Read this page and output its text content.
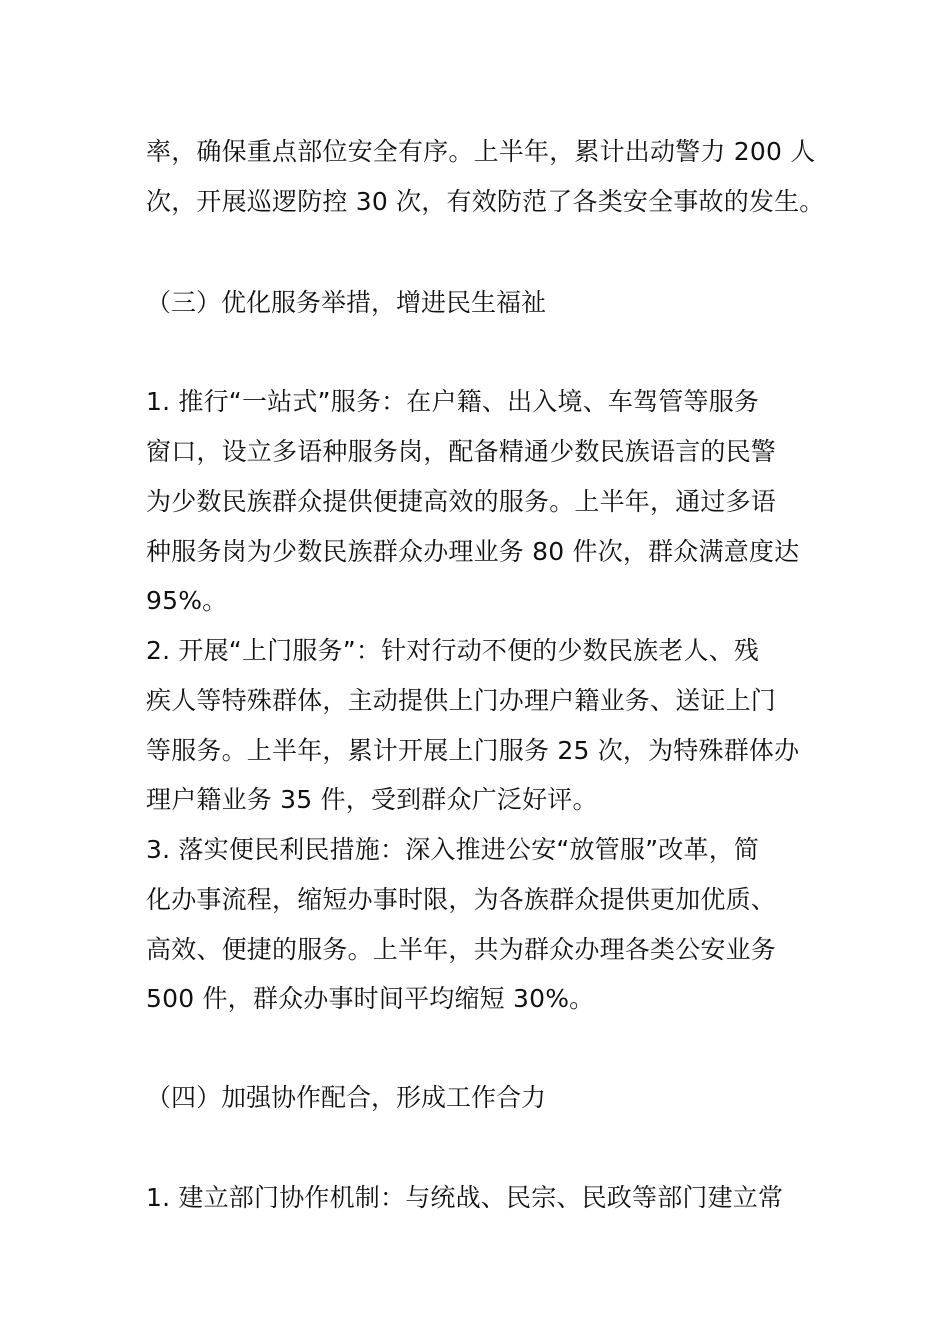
率，确保重点部位安全有序。上半年，累计出动警力 200 人
次，开展巡逻防控 30 次，有效防范了各类安全事故的发生。
（三）优化服务举措，增进民生福祉
1. 推行“一站式”服务：在户籍、出入境、车驾管等服务
窗口，设立多语种服务岗，配备精通少数民族语言的民警
为少数民族群众提供便捷高效的服务。上半年，通过多语
种服务岗为少数民族群众办理业务 80 件次，群众满意度达
95%。
2. 开展“上门服务”：针对行动不便的少数民族老人、残
疾人等特殊群体，主动提供上门办理户籍业务、送证上门
等服务。上半年，累计开展上门服务 25 次，为特殊群体办
理户籍业务 35 件，受到群众广泛好评。
3. 落实便民利民措施：深入推进公安“放管服”改革，简
化办事流程，缩短办事时限，为各族群众提供更加优质、
高效、便捷的服务。上半年，共为群众办理各类公安业务
500 件，群众办事时间平均缩短 30%。
（四）加强协作配合，形成工作合力
1. 建立部门协作机制：与统战、民宗、民政等部门建立常
